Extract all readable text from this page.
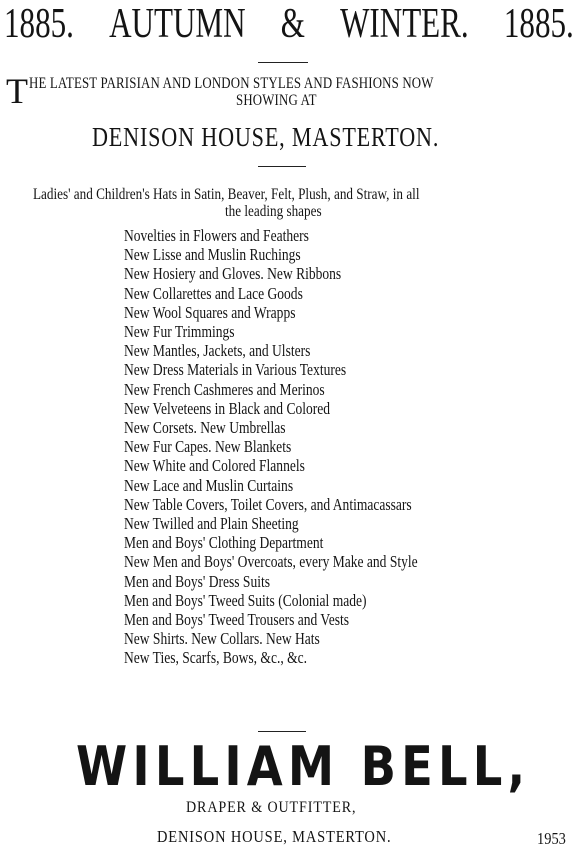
1885. AUTUMN & WINTER. 1885.
T HE LATEST PARISIAN AND LONDON STYLES AND FASHIONS NOW
SHOWING AT
DENISON HOUSE, MASTERTON.
Ladies' and Children's Hats in Satin, Beaver, Felt, Plush, and Straw, in all
the leading shapes
Novelties in Flowers and Feathers
New Lisse and Muslin Ruchings
New Hosiery and Gloves. New Ribbons
New Collarettes and Lace Goods
New Wool Squares and Wrapps
New Fur Trimmings
New Mantles, Jackets, and Ulsters
New Dress Materials in Various Textures
New French Cashmeres and Merinos
New Velveteens in Black and Colored
New Corsets. New Umbrellas
New Fur Capes. New Blankets
New White and Colored Flannels
New Lace and Muslin Curtains
New Table Covers, Toilet Covers, and Antimacassars
New Twilled and Plain Sheeting
Men and Boys' Clothing Department
New Men and Boys' Overcoats, every Make and Style
Men and Boys' Dress Suits
Men and Boys' Tweed Suits (Colonial made)
Men and Boys' Tweed Trousers and Vests
New Shirts. New Collars. New Hats
New Ties, Scarfs, Bows, &c., &c.
WILLIAM BELL,
DRAPER & OUTFITTER,
DENISON HOUSE, MASTERTON.	1953
